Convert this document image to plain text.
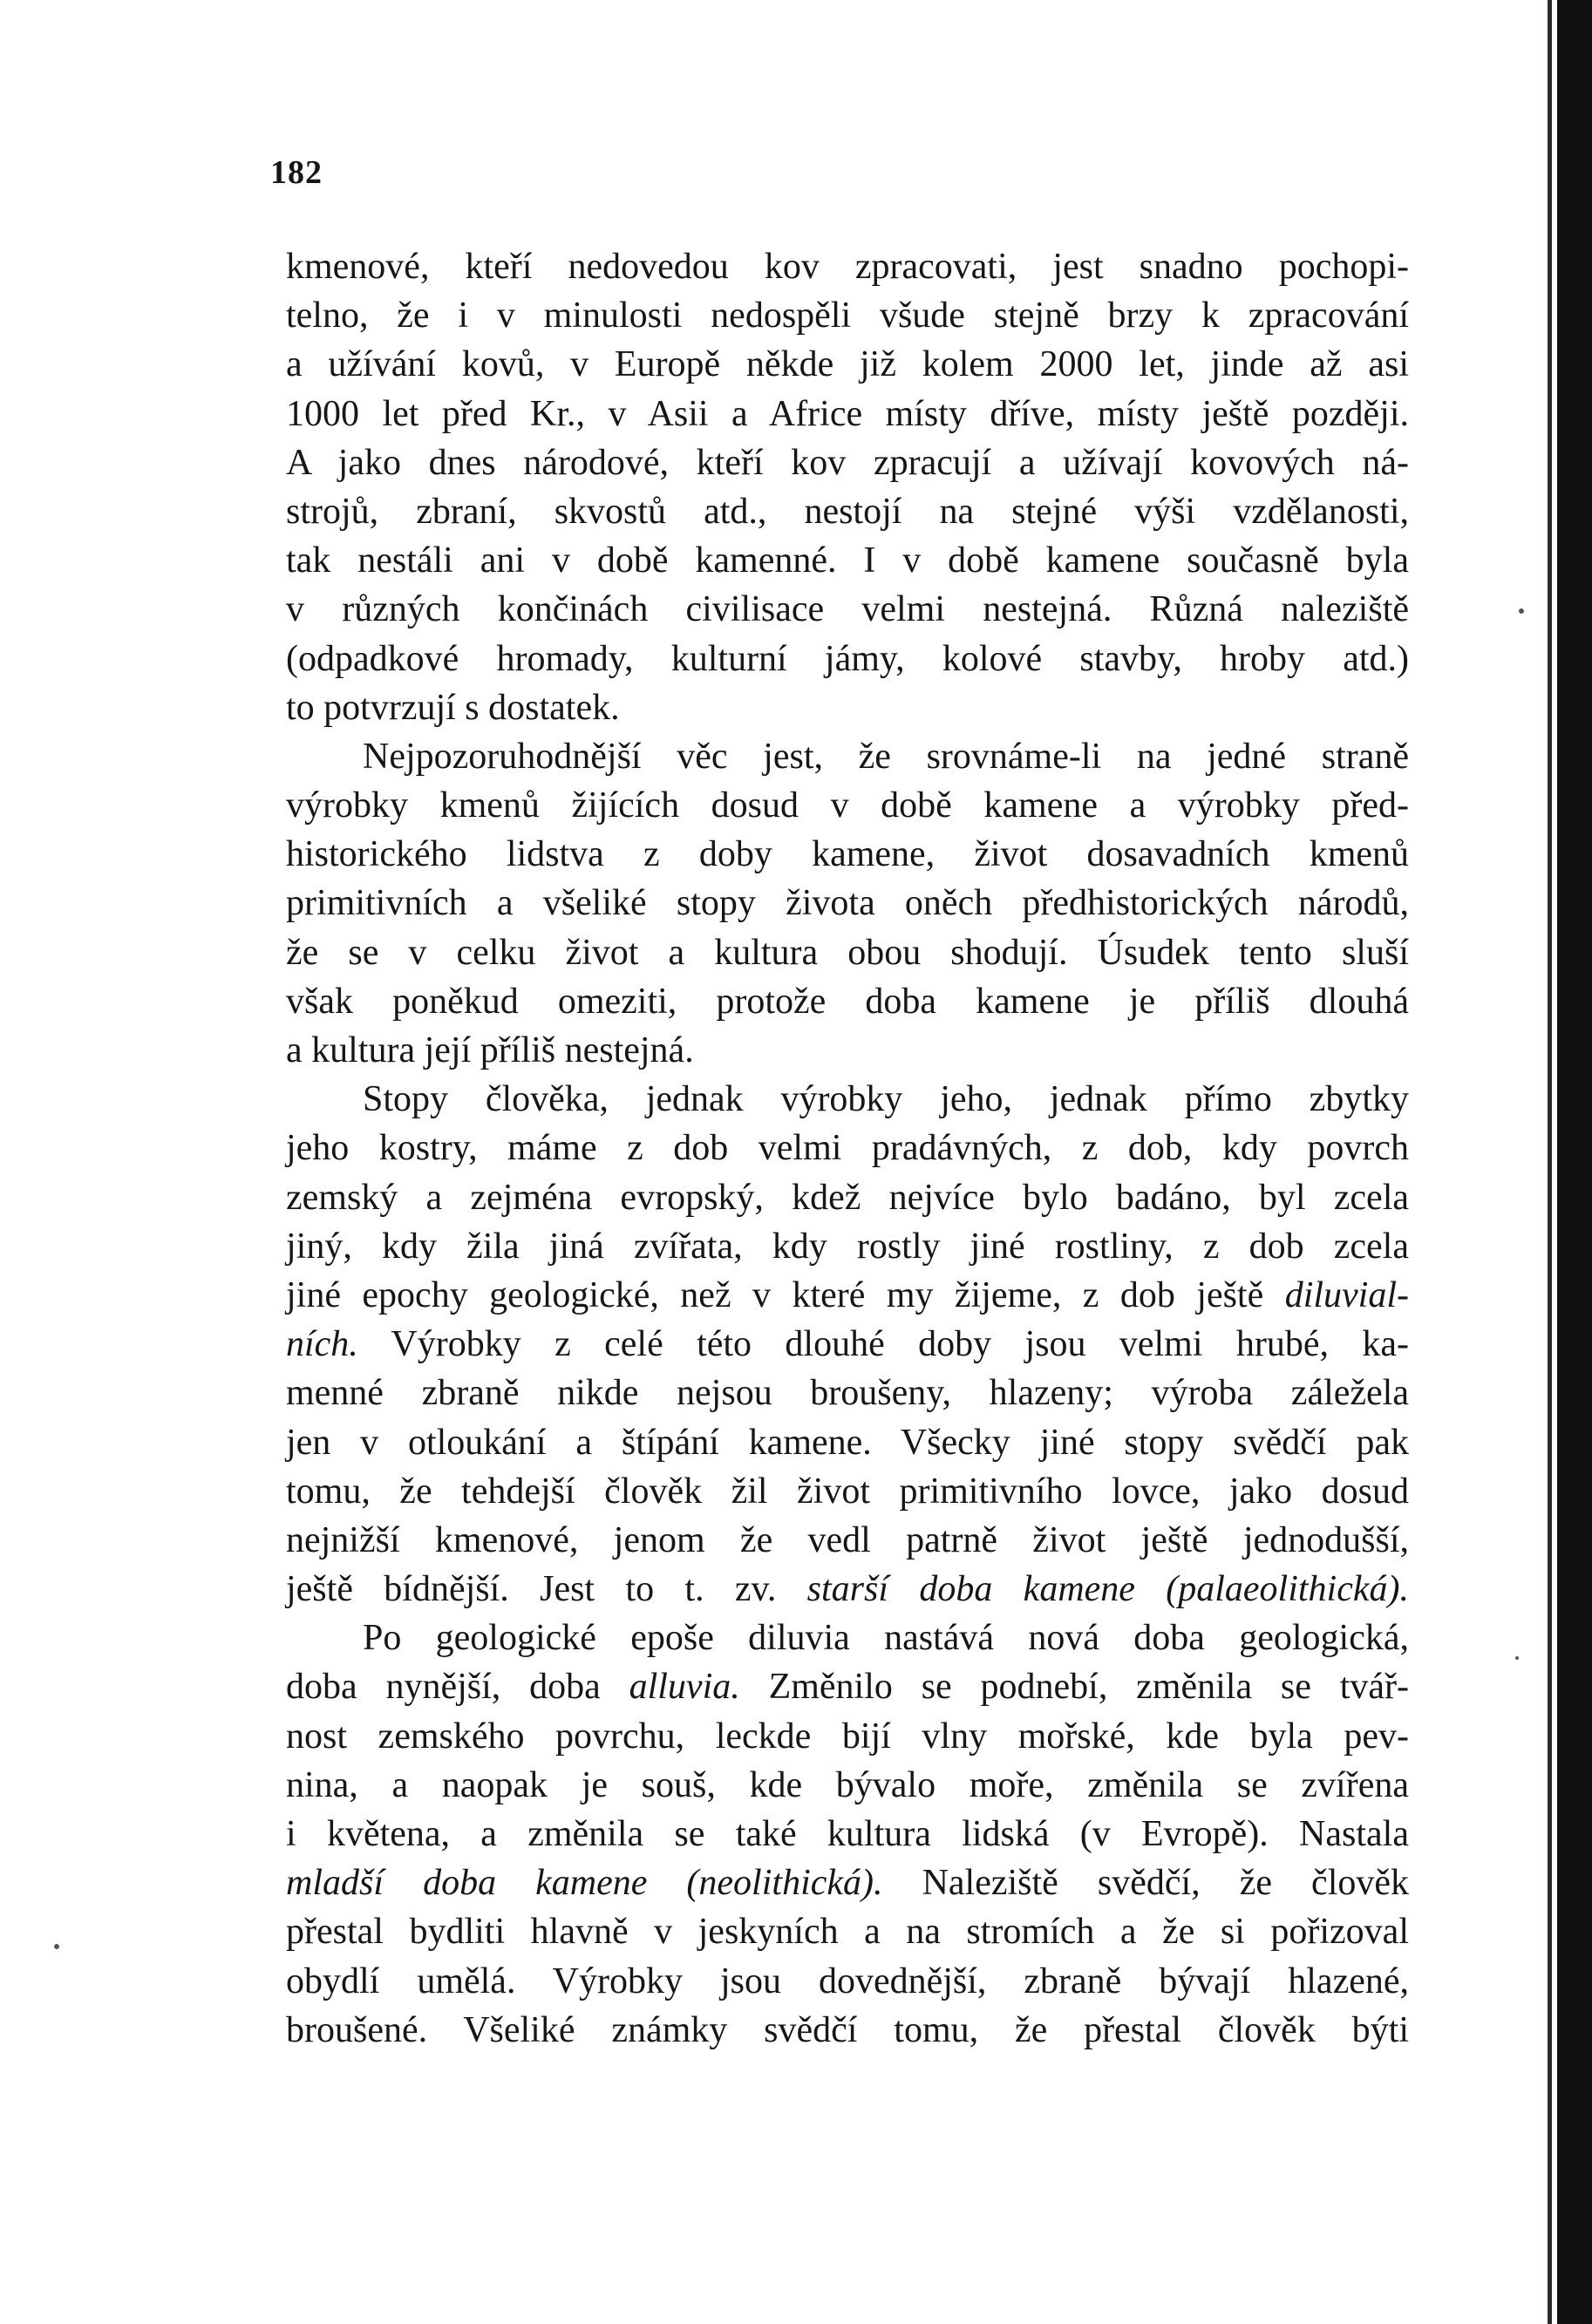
182
kmenové, kteří nedovedou kov zpracovati, jest snadno pochopi-
telno, že i v minulosti nedospěli všude stejně brzy k zpracování
a užívání kovů, v Europě někde již kolem 2000 let, jinde až asi
1000 let před Kr., v Asii a Africe místy dříve, místy ještě později.
A jako dnes národové, kteří kov zpracují a užívají kovových ná-
strojů, zbraní, skvostů atd., nestojí na stejné výši vzdělanosti,
tak nestáli ani v době kamenné. I v době kamene současně byla
v různých končinách civilisace velmi nestejná. Různá naleziště
(odpadkové hromady, kulturní jámy, kolové stavby, hroby atd.)
to potvrzují s dostatek.
Nejpozoruhodnější věc jest, že srovnáme-li na jedné straně
výrobky kmenů žijících dosud v době kamene a výrobky před-
historického lidstva z doby kamene, život dosavadních kmenů
primitivních a všeliké stopy života oněch předhistorických národů,
že se v celku život a kultura obou shodují. Úsudek tento sluší
však poněkud omeziti, protože doba kamene je příliš dlouhá
a kultura její příliš nestejná.
Stopy člověka, jednak výrobky jeho, jednak přímo zbytky
jeho kostry, máme z dob velmi pradávných, z dob, kdy povrch
zemský a zejména evropský, kdež nejvíce bylo badáno, byl zcela
jiný, kdy žila jiná zvířata, kdy rostly jiné rostliny, z dob zcela
jiné epochy geologické, než v které my žijeme, z dob ještě diluvial-
ních. Výrobky z celé této dlouhé doby jsou velmi hrubé, ka-
menné zbraně nikde nejsou broušeny, hlazeny; výroba záležela
jen v otloukání a štípání kamene. Všecky jiné stopy svědčí pak
tomu, že tehdejší člověk žil život primitivního lovce, jako dosud
nejnižší kmenové, jenom že vedl patrně život ještě jednodušší,
ještě bídnější. Jest to t. zv. starší doba kamene (palaeolithická).
Po geologické epoše diluvia nastává nová doba geologická,
doba nynější, doba alluvia. Změnilo se podnebí, změnila se tvář-
nost zemského povrchu, leckde bijí vlny mořské, kde byla pev-
nina, a naopak je souš, kde bývalo moře, změnila se zvířena
i květena, a změnila se také kultura lidská (v Evropě). Nastala
mladší doba kamene (neolithická). Naleziště svědčí, že člověk
přestal bydliti hlavně v jeskyních a na stromích a že si pořizoval
obydlí umělá. Výrobky jsou dovednější, zbraně bývají hlazené,
broušené. Všeliké známky svědčí tomu, že přestal člověk býti
